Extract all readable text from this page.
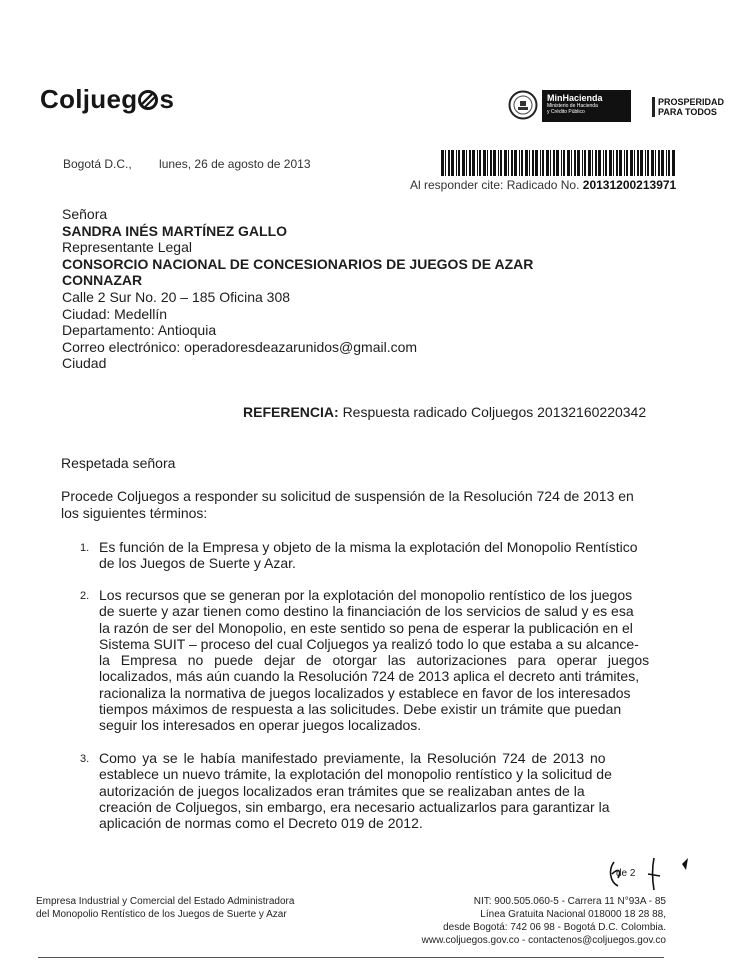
Coljueg s	MinHacienda
Ministerio de Hacienda
y Crédito Público
PROSPERIDAD
PARA TODOS
Bogotá D.C., lunes, 26 de agosto de 2013
Al responder cite: Radicado No. 20131200213971
Señora
SANDRA INÉS MARTÍNEZ GALLO
Representante Legal
CONSORCIO NACIONAL DE CONCESIONARIOS DE JUEGOS DE AZAR
CONNAZAR
Calle 2 Sur No. 20 – 185 Oficina 308
Ciudad: Medellín
Departamento: Antioquia
Correo electrónico: operadoresdeazarunidos@gmail.com
Ciudad
REFERENCIA: Respuesta radicado Coljuegos 20132160220342
Respetada señora
Procede Coljuegos a responder su solicitud de suspensión de la Resolución 724 de 2013 en
los siguientes términos:
1. Es función de la Empresa y objeto de la misma la explotación del Monopolio Rentístico
de los Juegos de Suerte y Azar.
2. Los recursos que se generan por la explotación del monopolio rentístico de los juegos
de suerte y azar tienen como destino la financiación de los servicios de salud y es esa
la razón de ser del Monopolio, en este sentido so pena de esperar la publicación en el
Sistema SUIT – proceso del cual Coljuegos ya realizó todo lo que estaba a su alcance-
la Empresa no puede dejar de otorgar las autorizaciones para operar juegos
localizados, más aún cuando la Resolución 724 de 2013 aplica el decreto anti trámites,
racionaliza la normativa de juegos localizados y establece en favor de los interesados
tiempos máximos de respuesta a las solicitudes. Debe existir un trámite que puedan
seguir los interesados en operar juegos localizados.
3. Como ya se le había manifestado previamente, la Resolución 724 de 2013 no
establece un nuevo trámite, la explotación del monopolio rentístico y la solicitud de
autorización de juegos localizados eran trámites que se realizaban antes de la
creación de Coljuegos, sin embargo, era necesario actualizarlos para garantizar la
aplicación de normas como el Decreto 019 de 2012.
de 2
Empresa Industrial y Comercial del Estado Administradora
del Monopolio Rentístico de los Juegos de Suerte y Azar
NIT: 900.505.060-5 - Carrera 11 N°93A - 85
Línea Gratuita Nacional 018000 18 28 88,
desde Bogotá: 742 06 98 - Bogotá D.C. Colombia.
www.coljuegos.gov.co - contactenos@coljuegos.gov.co
